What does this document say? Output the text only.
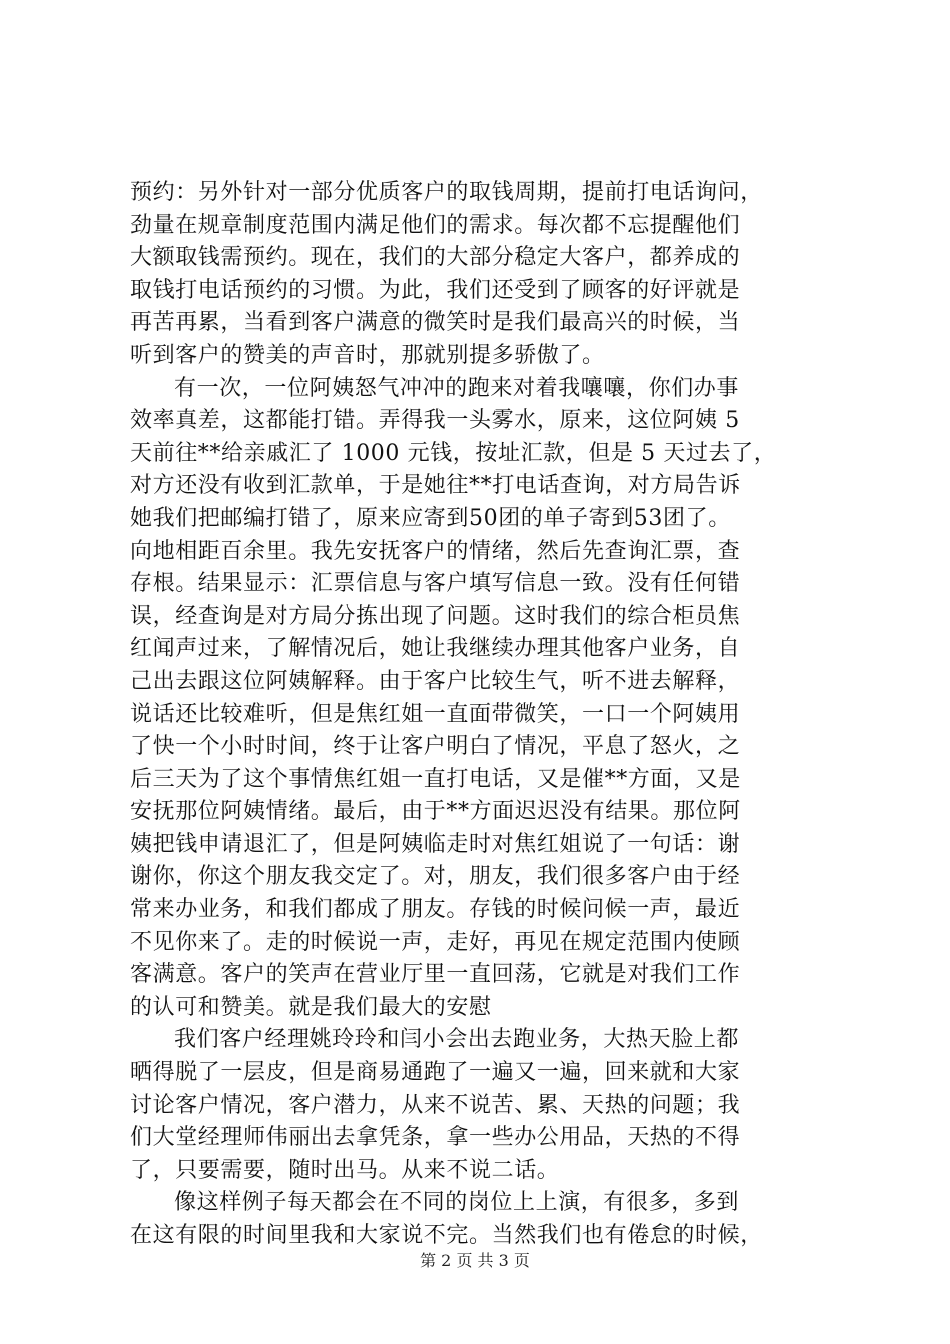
预约：另外针对一部分优质客户的取钱周期，提前打电话询问，
劲量在规章制度范围内满足他们的需求。每次都不忘提醒他们
大额取钱需预约。现在，我们的大部分稳定大客户，都养成的
取钱打电话预约的习惯。为此，我们还受到了顾客的好评就是
再苦再累，当看到客户满意的微笑时是我们最高兴的时候，当
听到客户的赞美的声音时，那就别提多骄傲了。
有一次，一位阿姨怒气冲冲的跑来对着我嚷嚷，你们办事
效率真差，这都能打错。弄得我一头雾水，原来，这位阿姨 5
天前往**给亲戚汇了 1000 元钱，按址汇款，但是 5 天过去了，
对方还没有收到汇款单，于是她往**打电话查询，对方局告诉
她我们把邮编打错了，原来应寄到50团的单子寄到53团了。
向地相距百余里。我先安抚客户的情绪，然后先查询汇票，查
存根。结果显示：汇票信息与客户填写信息一致。没有任何错
误，经查询是对方局分拣出现了问题。这时我们的综合柜员焦
红闻声过来，了解情况后，她让我继续办理其他客户业务，自
己出去跟这位阿姨解释。由于客户比较生气，听不进去解释，
说话还比较难听，但是焦红姐一直面带微笑，一口一个阿姨用
了快一个小时时间，终于让客户明白了情况，平息了怒火，之
后三天为了这个事情焦红姐一直打电话，又是催**方面，又是
安抚那位阿姨情绪。最后，由于**方面迟迟没有结果。那位阿
姨把钱申请退汇了，但是阿姨临走时对焦红姐说了一句话：谢
谢你，你这个朋友我交定了。对，朋友，我们很多客户由于经
常来办业务，和我们都成了朋友。存钱的时候问候一声，最近
不见你来了。走的时候说一声，走好，再见在规定范围内使顾
客满意。客户的笑声在营业厅里一直回荡，它就是对我们工作
的认可和赞美。就是我们最大的安慰
我们客户经理姚玲玲和闫小会出去跑业务，大热天脸上都
晒得脱了一层皮，但是商易通跑了一遍又一遍，回来就和大家
讨论客户情况，客户潜力，从来不说苦、累、天热的问题；我
们大堂经理师伟丽出去拿凭条，拿一些办公用品，天热的不得
了，只要需要，随时出马。从来不说二话。
像这样例子每天都会在不同的岗位上上演，有很多，多到
在这有限的时间里我和大家说不完。当然我们也有倦怠的时候，
第 2 页 共 3 页
